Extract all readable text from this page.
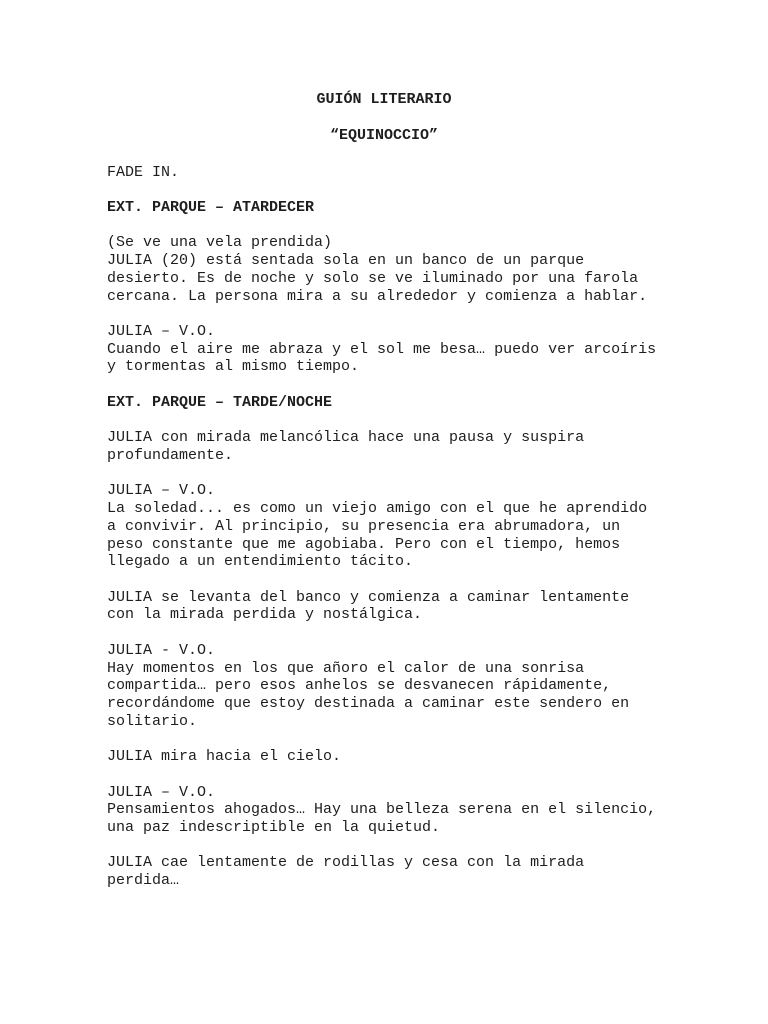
GUIÓN LITERARIO
“EQUINOCCIO”

FADE IN.

EXT. PARQUE – ATARDECER

(Se ve una vela prendida)
JULIA (20) está sentada sola en un banco de un parque
desierto. Es de noche y solo se ve iluminado por una farola
cercana. La persona mira a su alrededor y comienza a hablar.

JULIA – V.O.
Cuando el aire me abraza y el sol me besa… puedo ver arcoíris
y tormentas al mismo tiempo.

EXT. PARQUE – TARDE/NOCHE

JULIA con mirada melancólica hace una pausa y suspira
profundamente.

JULIA – V.O.
La soledad... es como un viejo amigo con el que he aprendido
a convivir. Al principio, su presencia era abrumadora, un
peso constante que me agobiaba. Pero con el tiempo, hemos
llegado a un entendimiento tácito.

JULIA se levanta del banco y comienza a caminar lentamente
con la mirada perdida y nostálgica.

JULIA - V.O.
Hay momentos en los que añoro el calor de una sonrisa
compartida… pero esos anhelos se desvanecen rápidamente,
recordándome que estoy destinada a caminar este sendero en
solitario.

JULIA mira hacia el cielo.

JULIA – V.O.
Pensamientos ahogados… Hay una belleza serena en el silencio,
una paz indescriptible en la quietud.

JULIA cae lentamente de rodillas y cesa con la mirada
perdida…
